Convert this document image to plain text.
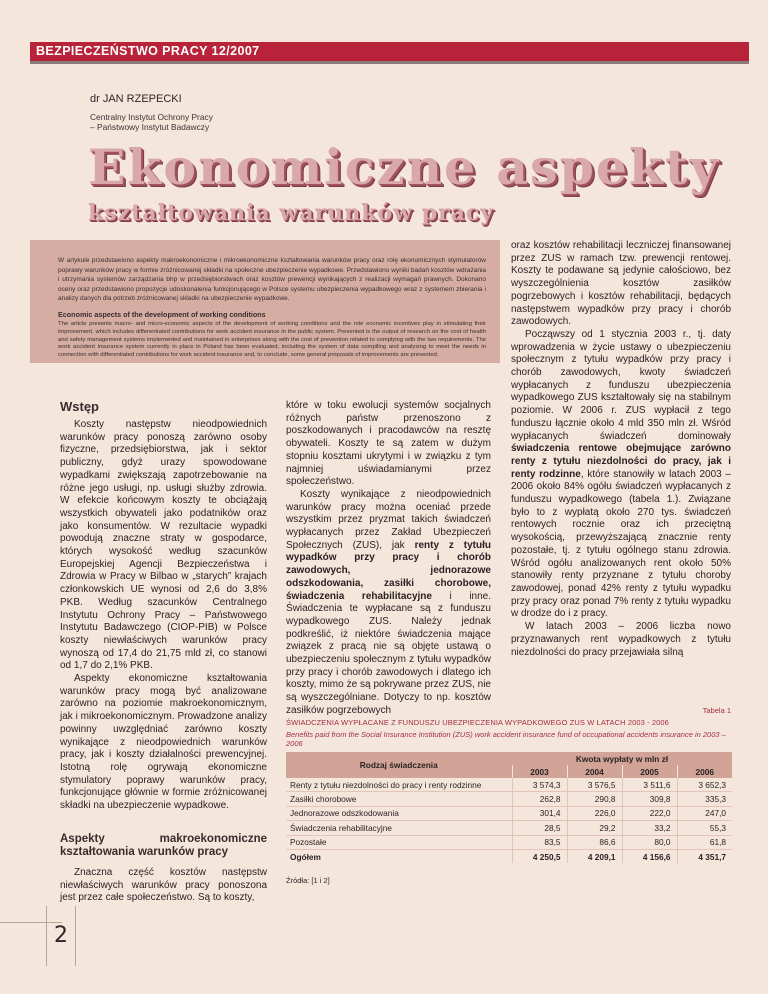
BEZPIECZEŃSTWO PRACY 12/2007
dr JAN RZEPECKI
Centralny Instytut Ochrony Pracy
– Państwowy Instytut Badawczy
Ekonomiczne aspekty
kształtowania warunków pracy

W artykule przedstawiono aspekty makroekonomiczne i mikroekonomiczne kształtowania warunków pracy oraz rolę ekonomicznych stymulatorów poprawy warunków pracy w formie zróżnicowanej składki na społeczne ubezpieczenie wypadkowe. Przedstawiono wyniki badań kosztów wdrażania i utrzymania systemów zarządzania bhp w przedsiębiorstwach oraz kosztów prewencji wynikających z realizacji wymagań prawnych. Dokonano oceny oraz przedstawiono propozycje udoskonalenia funkcjonującego w Polsce systemu ubezpieczenia wypadkowego wraz z systemem zbierania i analizy danych dla potrzeb zróżnicowanej składki na ubezpieczenie wypadkowe.

Economic aspects of the development of working conditions

The article presents macro- and micro-economic aspects of the development of working conditions and the role economic incentives play in stimulating their improvement, which includes differentiated contributions for work accident insurance in the public system. Presented is the output of research on the cost of health and safety management systems implemented and maintained in enterprises along with the cost of prevention related to complying with the law requirements. The work accident insurance system currently in place in Poland has been evaluated, including the system of data compiling and analysing to meet the needs in connection with differentiated contributions for work accident insurance and, to conclude, some general proposals of improvements are presented.

Wstęp

Koszty następstw nieodpowiednich warunków pracy ponoszą zarówno osoby fizyczne, przedsiębiorstwa, jak i sektor publiczny, gdyż urazy spowodowane wypadkami zwiększają zapotrzebowanie na różne jego usługi, np. usługi służby zdrowia. W efekcie końcowym koszty te obciążają wszystkich obywateli jako podatników oraz jako konsumentów. W rezultacie wypadki powodują znaczne straty w gospodarce, których wysokość według szacunków Europejskiej Agencji Bezpieczeństwa i Zdrowia w Pracy w Bilbao w „starych” krajach członkowskich UE wynosi od 2,6 do 3,8% PKB. Według szacunków Centralnego Instytutu Ochrony Pracy – Państwowego Instytutu Badawczego (CIOP-PIB) w Polsce koszty niewłaściwych warunków pracy wynoszą od 17,4 do 21,75 mld zł, co stanowi od 1,7 do 2,1% PKB.

Aspekty ekonomiczne kształtowania warunków pracy mogą być analizowane zarówno na poziomie makroekonomicznym, jak i mikroekonomicznym. Prowadzone analizy powinny uwzględniać zarówno koszty wynikające z nieodpowiednich warunków pracy, jak i koszty działalności prewencyjnej. Istotną rolę ogrywają ekonomiczne stymulatory poprawy warunków pracy, funkcjonujące głównie w formie zróżnicowanej składki na ubezpieczenie wypadkowe.

Aspekty makroekonomiczne kształtowania warunków pracy

Znaczna część kosztów następstw niewłaściwych warunków pracy ponoszona jest przez całe społeczeństwo. Są to koszty,

które w toku ewolucji systemów socjalnych różnych państw przenoszono z poszkodowanych i pracodawców na resztę obywateli. Koszty te są zatem w dużym stopniu kosztami ukrytymi i w związku z tym najmniej uświadamianymi przez społeczeństwo.

Koszty wynikające z nieodpowiednich warunków pracy można oceniać przede wszystkim przez pryzmat takich świadczeń wypłacanych przez Zakład Ubezpieczeń Społecznych (ZUS), jak renty z tytułu wypadków przy pracy i chorób zawodowych, jednorazowe odszkodowania, zasiłki chorobowe, świadczenia rehabilitacyjne i inne. Świadczenia te wypłacane są z funduszu wypadkowego ZUS. Należy jednak podkreślić, iż niektóre świadczenia mające związek z pracą nie są objęte ustawą o ubezpieczeniu społecznym z tytułu wypadków przy pracy i chorób zawodowych i dlatego ich koszty, mimo że są pokrywane przez ZUS, nie są wyszczególniane. Dotyczy to np. kosztów zasiłków pogrzebowych

oraz kosztów rehabilitacji leczniczej finansowanej przez ZUS w ramach tzw. prewencji rentowej. Koszty te podawane są jedynie całościowo, bez wyszczególnienia kosztów zasiłków pogrzebowych i kosztów rehabilitacji, będących następstwem wypadków przy pracy i chorób zawodowych.

Począwszy od 1 stycznia 2003 r., tj. daty wprowadzenia w życie ustawy o ubezpieczeniu społecznym z tytułu wypadków przy pracy i chorób zawodowych, kwoty świadczeń wypłacanych z funduszu ubezpieczenia wypadkowego ZUS kształtowały się na stabilnym poziomie. W 2006 r. ZUS wypłacił z tego funduszu łącznie około 4 mld 350 mln zł. Wśród wypłacanych świadczeń dominowały świadczenia rentowe obejmujące zarówno renty z tytułu niezdolności do pracy, jak i renty rodzinne, które stanowiły w latach 2003 – 2006 około 84% ogółu świadczeń wypłacanych z funduszu wypadkowego (tabela 1.). Związane było to z wypłatą około 270 tys. świadczeń rentowych rocznie oraz ich przeciętną wysokością, przewyższającą znacznie renty pozostałe, tj. z tytułu ogólnego stanu zdrowia. Wśród ogółu analizowanych rent około 50% stanowiły renty przyznane z tytułu choroby zawodowej, ponad 42% renty z tytułu wypadku przy pracy oraz ponad 7% renty z tytułu wypadku w drodze do i z pracy.

W latach 2003 – 2006 liczba nowo przyznawanych rent wypadkowych z tytułu niezdolności do pracy przejawiała silną

Tabela 1
ŚWIADCZENIA WYPŁACANE Z FUNDUSZU UBEZPIECZENIA WYPADKOWEGO ZUS W LATACH 2003 - 2006
Benefits paid from the Social Insurance Institution (ZUS) work accident insurance fund of occupational accidents insurance in 2003 – 2006
Rodzaj świadczenia	Kwota wypłaty w mln zł			
	2003	2004	2005	2006
Renty z tytułu niezdolności do pracy i renty rodzinne	3 574,3	3 576,5	3 511,6	3 652,3
Zasiłki chorobowe	262,8	290,8	309,8	335,3
Jednorazowe odszkodowania	301,4	226,0	222,0	247,0
Świadczenia rehabilitacyjne	28,5	29,2	33,2	55,3
Pozostałe	83,5	86,6	80,0	61,8
Ogółem	4 250,5	4 209,1	4 156,6	4 351,7
Źródła: [1 i 2]
2
